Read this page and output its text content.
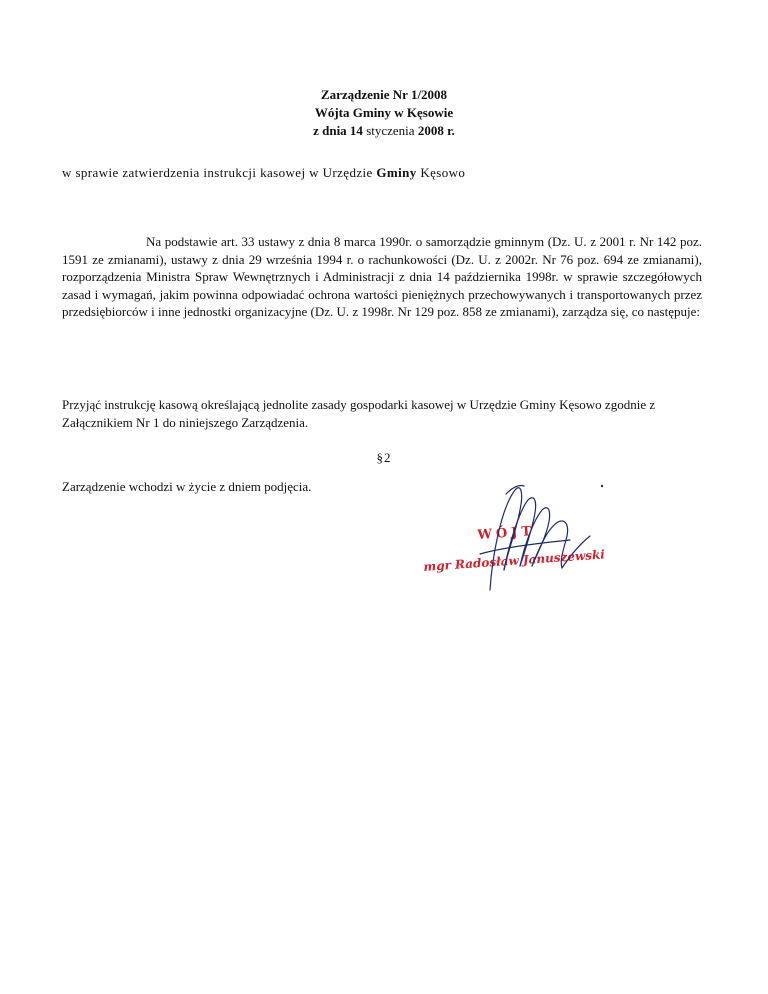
Zarządzenie Nr 1/2008
Wójta Gminy w Kęsowie
z dnia 14 styczenia 2008 r.
w sprawie zatwierdzenia instrukcji kasowej w Urzędzie Gminy Kęsowo
Na podstawie art. 33 ustawy z dnia 8 marca 1990r. o samorządzie gminnym (Dz. U. z 2001 r. Nr 142 poz. 1591 ze zmianami), ustawy z dnia 29 września 1994 r. o rachunkowości (Dz. U. z 2002r. Nr 76 poz. 694 ze zmianami), rozporządzenia Ministra Spraw Wewnętrznych i Administracji z dnia 14 października 1998r. w sprawie szczegółowych zasad i wymagań, jakim powinna odpowiadać ochrona wartości pieniężnych przechowywanych i transportowanych przez przedsiębiorców i inne jednostki organizacyjne (Dz. U. z 1998r. Nr 129 poz. 858 ze zmianami), zarządza się, co następuje:
Przyjąć instrukcję kasową określającą jednolite zasady gospodarki kasowej w Urzędzie Gminy Kęsowo zgodnie z Załącznikiem Nr 1 do niniejszego Zarządzenia.
§2
Zarządzenie wchodzi w życie z dniem podjęcia.
WÓJT
mgr Radosław Januszewski
